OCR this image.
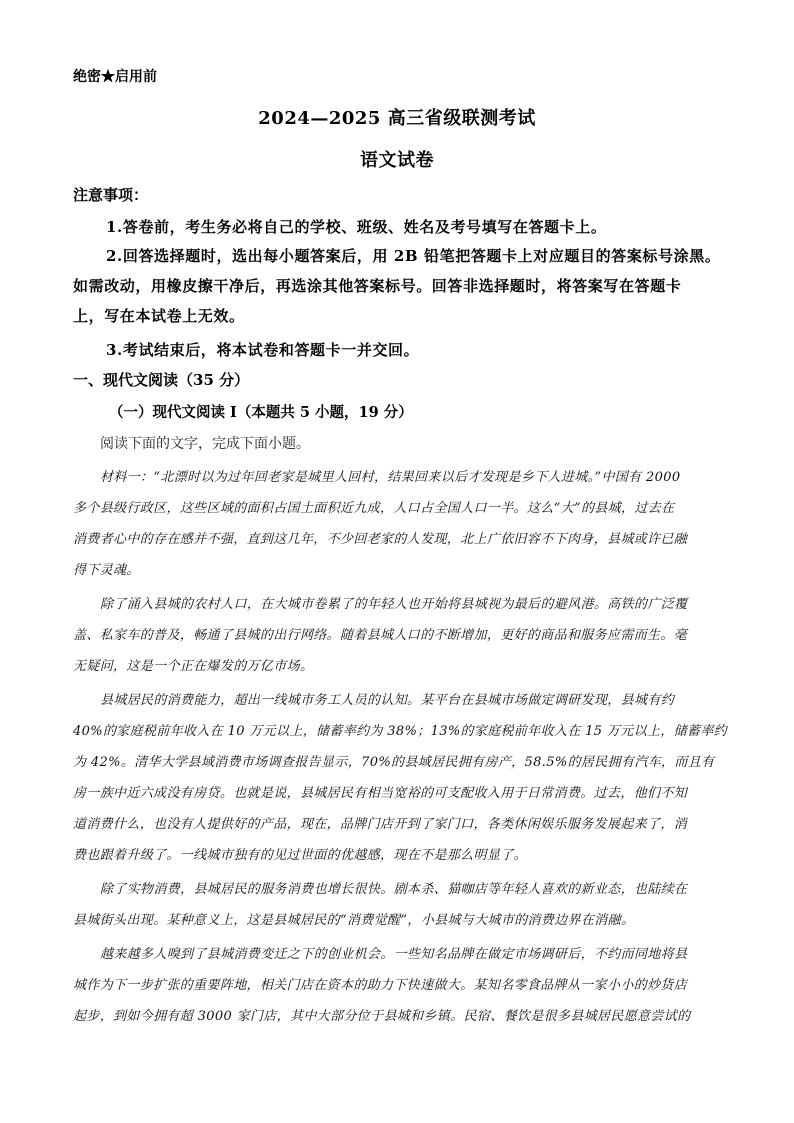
绝密★启用前
2024—2025 高三省级联测考试
语文试卷
注意事项：
1.答卷前，考生务必将自己的学校、班级、姓名及考号填写在答题卡上。
2.回答选择题时，选出每小题答案后，用 2B 铅笔把答题卡上对应题目的答案标号涂黑。
如需改动，用橡皮擦干净后，再选涂其他答案标号。回答非选择题时，将答案写在答题卡
上，写在本试卷上无效。
3.考试结束后，将本试卷和答题卡一并交回。
一、现代文阅读（35 分）
（一）现代文阅读 I（本题共 5 小题，19 分）
阅读下面的文字，完成下面小题。
材料一：“北漂时以为过年回老家是城里人回村，结果回来以后才发现是乡下人进城。”中国有 2000
多个县级行政区，这些区域的面积占国土面积近九成，人口占全国人口一半。这么“大”的县城，过去在
消费者心中的存在感并不强，直到这几年，不少回老家的人发现，北上广依旧容不下肉身，县城或许已融
得下灵魂。
除了涌入县城的农村人口，在大城市卷累了的年轻人也开始将县城视为最后的避风港。高铁的广泛覆
盖、私家车的普及，畅通了县城的出行网络。随着县城人口的不断增加，更好的商品和服务应需而生。毫
无疑问，这是一个正在爆发的万亿市场。
县城居民的消费能力，超出一线城市务工人员的认知。某平台在县城市场做定调研发现，县城有约
40%的家庭税前年收入在 10 万元以上，储蓄率约为 38%；13%的家庭税前年收入在 15 万元以上，储蓄率约
为 42%。清华大学县域消费市场调查报告显示，70%的县域居民拥有房产，58.5%的居民拥有汽车，而且有
房一族中近六成没有房贷。也就是说，县城居民有相当宽裕的可支配收入用于日常消费。过去，他们不知
道消费什么，也没有人提供好的产品，现在，品牌门店开到了家门口，各类休闲娱乐服务发展起来了，消
费也跟着升级了。一线城市独有的见过世面的优越感，现在不是那么明显了。
除了实物消费，县城居民的服务消费也增长很快。剧本杀、猫咖店等年轻人喜欢的新业态，也陆续在
县城街头出现。某种意义上，这是县城居民的“消费觉醒”，小县城与大城市的消费边界在消融。
越来越多人嗅到了县城消费变迁之下的创业机会。一些知名品牌在做定市场调研后，不约而同地将县
城作为下一步扩张的重要阵地，相关门店在资本的助力下快速做大。某知名零食品牌从一家小小的炒货店
起步，到如今拥有超 3000 家门店，其中大部分位于县城和乡镇。民宿、餐饮是很多县城居民愿意尝试的
